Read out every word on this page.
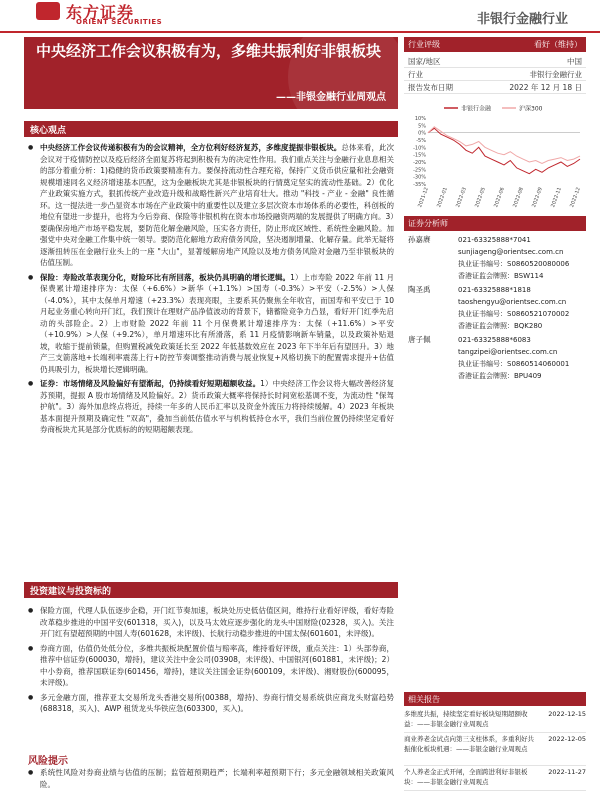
东方证券
ORIENT SECURITIES	非银行金融行业
中央经济工作会议积极有为，多维共振利好非银板块
——非银金融行业周观点
行业评级	看好（维持）
国家/地区	中国
行业	非银行金融行业
报告发布日期	2022 年 12 月 18 日
非银行金融	沪深300
10%
5%
0%
-5%
-10%
-15%
-20%
-25%
-30%
-35%
2021-12 2022-01 2022-03 2022-05 2022-06 2022-08 2022-09 2022-11 2022-12
核心观点

● 中央经济工作会议传递积极有为的会议精神，全方位利好经济复苏，多维度提振非银板块。总体来看，此次会议对于疫情防控以及疫后经济全面复苏将起到积极有为的决定性作用。我们重点关注与金融行业息息相关的部分着重分析：1)稳健的货币政策要精准有力。要保持流动性合理充裕，保持广义货币供应量和社会融资规模增速同名义经济增速基本匹配，这为金融板块尤其是非银板块的行情奠定坚实的流动性基础。2）优化产业政策实施方式，狠抓传统产业改造升级和战略性新兴产业培育壮大。推动 "科技 - 产业 - 金融" 良性循环。这一提法进一步凸显资本市场在产业政策中的重要性以及建立多层次资本市场体系的必要性，科创板的地位有望进一步提升，也将为今后券商、保险等非银机构在资本市场投融资两端的发展提供了明确方向。3）要确保房地产市场平稳发展，要防范化解金融风险，压实各方责任，防止形成区域性、系统性金融风险。加强党中央对金融工作集中统一领导。要防范化解地方政府债务风险，坚决遏制增量、化解存量。此举无疑将逐渐扭转压在金融行业头上的一座 "大山"，显著缓解房地产风险以及地方债务风险对金融乃至非银板块的估值压制。

● 保险：寿险改革表现分化，财险环比有所回落，板块仍具明确的增长逻辑。1）上市寿险 2022 年前 11 月保费累计增速排序为：太保（+6.6%）>新华（+1.1%）>国寿（-0.3%）>平安（-2.5%）>人保（-4.0%），其中太保单月增速（+23.3%）表现亮眼，主要系其仍聚焦全年收官，而国寿和平安已于 10 月起业务重心转向开门红，我们预计在理财产品净值波动的背景下，储蓄险竞争力凸显，看好开门红季先启动的头部险企。2）上市财险 2022 年前 11 个月保费累计增速排序为：太保（+11.6%）>平安（+10.9%）>人保（+9.2%），单月增速环比有所滑落，系 11 月疫情影响新车销量，以及政策补贴退坡，收缩于提前锁量，但购置税减免政策延长至 2022 年低基数效应在 2023 年下半年后有望回升。3）地产三支箭落地+长端利率震荡上行+防控节奏调整推动消费与展业恢复+风格切换下的配置需求提升+估值仍具吸引力，板块增长逻辑明确。

● 证券：市场情绪及风险偏好有望渐起，仍持续看好短期超额收益。1）中央经济工作会议将大幅改善经济复苏预期，提振 A 股市场情绪及风险偏好。2）货币政策大概率将保持长时间宽松基调不变，为流动性 "保驾护航"。3）海外加息终点将近，持续一年多的人民币汇率以及资金外流压力将持续缓解。4）2023 年板块基本面提升预期及确定性 "双高"，叠加当前低估值水平与机构低持仓水平，我们当前位置仍持续坚定看好券商板块尤其是部分优质标的的短期超额表现。

投资建议与投资标的

● 保险方面，代理人队伍逐步企稳，开门红节奏加速，板块处历史低估值区间，维持行业看好评级，看好寿险改革稳步推进的中国平安(601318，买入)，以及马太效应逐步强化的龙头中国财险(02328，买入)。关注开门红有望超预期的中国人寿(601628，未评级)、长航行动稳步推进的中国太保(601601，未评级)。

● 券商方面，估值仍处低分位，多维共振板块配置价值与赔率高，维持看好评级，重点关注：1）头部券商，推荐中信证券(600030，增持)，建议关注中金公司(03908，未评级)、中国银河(601881，未评级)；2）中小券商，推荐国联证券(601456，增持)，建议关注国金证券(600109，未评级)、湘财股份(600095，未评级)。

● 多元金融方面，推荐亚太交易所龙头香港交易所(00388，增持)、券商行情交易系统供应商龙头财富趋势(688318，买入)、AWP 租赁龙头华铁应急(603300，买入)。

风险提示

● 系统性风险对券商业绩与估值的压制；监管超预期趋严；长端利率超预期下行；多元金融领域相关政策风险。

证券分析师
孙嘉赓	021-63325888*7041
sunjiageng@orientsec.com.cn
执业证书编号：S0860520080006
香港证监会牌照：BSW114
陶圣禹	021-63325888*1818
taoshengyu@orientsec.com.cn
执业证书编号：S0860521070002
香港证监会牌照：BQK280
唐子佩	021-63325888*6083
tangzipei@orientsec.com.cn
执业证书编号：S0860514060001
香港证监会牌照：BPU409
相关报告
多维度共振，持续坚定看好板块短期超额收益：——非银金融行业周观点
2022-12-15
商业养老金试点向第三支柱体系，多重利好共振催化板块机遇：——非银金融行业周观点
2022-12-05
个人养老金正式开闸，全面跨进利好非银板块：——非银金融行业周观点
2022-11-27
